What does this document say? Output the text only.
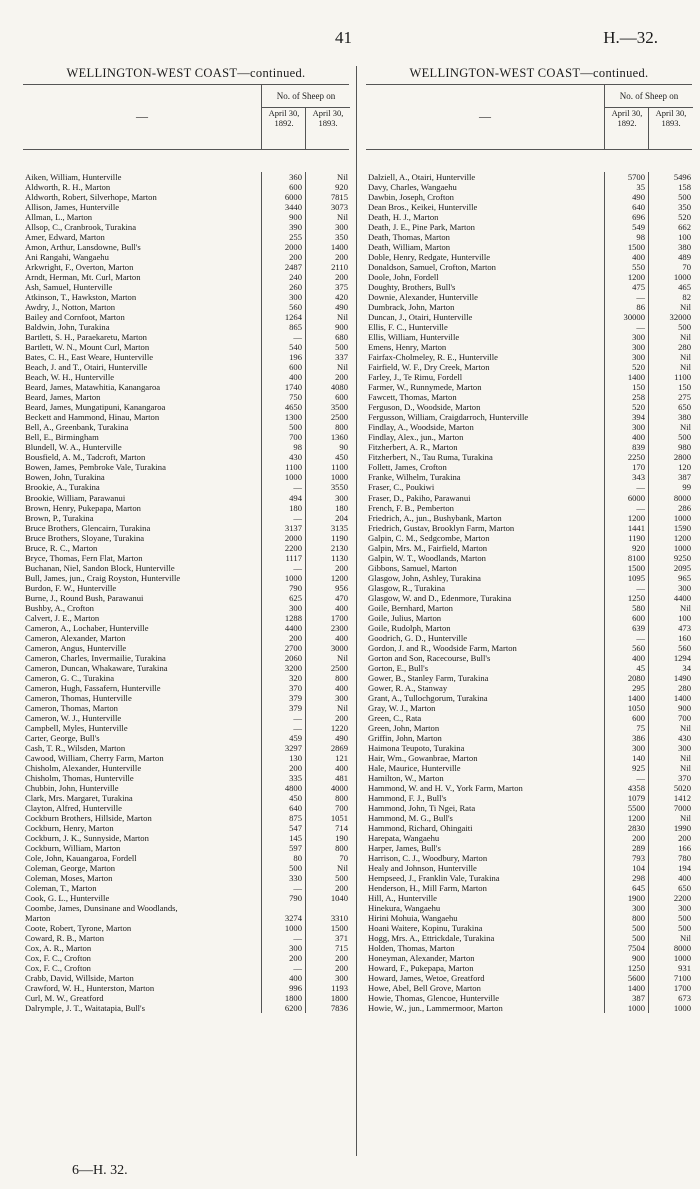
41	H.—32.
WELLINGTON-WEST COAST—continued.
—
No. of Sheep on
April 30, 1892.
April 30, 1893.
Aiken, William, Hunterville	360	Nil
Aldworth, R. H., Marton	600	920
Aldworth, Robert, Silverhope, Marton	6000	7815
Allison, James, Hunterville	3440	3073
Allman, L., Marton	900	Nil
Allsop, C., Cranbrook, Turakina	390	300
Amer, Edward, Marton	255	350
Amon, Arthur, Lansdowne, Bull's	2000	1400
Ani Rangahi, Wangaehu	200	200
Arkwright, F., Overton, Marton	2487	2110
Arndt, Herman, Mt. Curl, Marton	240	200
Ash, Samuel, Hunterville	260	375
Atkinson, T., Hawkston, Marton	300	420
Awdry, J., Notton, Marton	560	490
Bailey and Cornfoot, Marton	1264	Nil
Baldwin, John, Turakina	865	900
Bartlett, S. H., Paraekaretu, Marton	—	680
Bartlett, W. N., Mount Curl, Marton	540	500
Bates, C. H., East Weare, Hunterville	196	337
Beach, J. and T., Otairi, Hunterville	600	Nil
Beach, W. H., Hunterville	400	200
Beard, James, Matawhitia, Kanangaroa	1740	4080
Beard, James, Marton	750	600
Beard, James, Mungatipuni, Kanangaroa	4650	3500
Beckett and Hammond, Hinau, Marton	1300	2500
Bell, A., Greenbank, Turakina	500	800
Bell, E., Birmingham	700	1360
Blundell, W. A., Hunterville	98	90
Bousfield, A. M., Tadcroft, Marton	430	450
Bowen, James, Pembroke Vale, Turakina	1100	1100
Bowen, John, Turakina	1000	1000
Brookie, A., Turakina	—	3550
Brookie, William, Parawanui	494	300
Brown, Henry, Pukepapa, Marton	180	180
Brown, P., Turakina	—	204
Bruce Brothers, Glencairn, Turakina	3137	3135
Bruce Brothers, Sloyane, Turakina	2000	1190
Bruce, R. C., Marton	2200	2130
Bryce, Thomas, Fern Flat, Marton	1117	1130
Buchanan, Niel, Sandon Block, Hunterville	—	200
Bull, James, jun., Craig Royston, Hunterville	1000	1200
Burdon, F. W., Hunterville	790	956
Burne, J., Round Bush, Parawanui	625	470
Bushby, A., Crofton	300	400
Calvert, J. E., Marton	1288	1700
Cameron, A., Lochaber, Hunterville	4400	2300
Cameron, Alexander, Marton	200	400
Cameron, Angus, Hunterville	2700	3000
Cameron, Charles, Invermailie, Turakina	2060	Nil
Cameron, Duncan, Whakaware, Turakina	3200	2500
Cameron, G. C., Turakina	320	800
Cameron, Hugh, Fassafern, Hunterville	370	400
Cameron, Thomas, Hunterville	379	300
Cameron, Thomas, Marton	379	Nil
Cameron, W. J., Hunterville	—	200
Campbell, Myles, Hunterville	—	1220
Carter, George, Bull's	459	490
Cash, T. R., Wilsden, Marton	3297	2869
Cawood, William, Cherry Farm, Marton	130	121
Chisholm, Alexander, Hunterville	200	400
Chisholm, Thomas, Hunterville	335	481
Chubbin, John, Hunterville	4800	4000
Clark, Mrs. Margaret, Turakina	450	800
Clayton, Alfred, Hunterville	640	700
Cockburn Brothers, Hillside, Marton	875	1051
Cockburn, Henry, Marton	547	714
Cockburn, J. K., Sunnyside, Marton	145	190
Cockburn, William, Marton	597	800
Cole, John, Kauangaroa, Fordell	80	70
Coleman, George, Marton	500	Nil
Coleman, Moses, Marton	330	500
Coleman, T., Marton	—	200
Cook, G. L., Hunterville	790	1040
Coombe, James, Dunsinane and Woodlands,
Marton	3274	3310
Coote, Robert, Tyrone, Marton	1000	1500
Coward, R. B., Marton	—	371
Cox, A. R., Marton	300	715
Cox, F. C., Crofton	200	200
Cox, F. C., Crofton	—	200
Crabb, David, Willside, Marton	400	300
Crawford, W. H., Hunterston, Marton	996	1193
Curl, M. W., Greatford	1800	1800
Dalrymple, J. T., Waitatapia, Bull's	6200	7836
WELLINGTON-WEST COAST—continued.
—
No. of Sheep on
April 30, 1892.
April 30, 1893.
Dalziell, A., Otairi, Hunterville	5700	5496
Davy, Charles, Wangaehu	35	158
Dawbin, Joseph, Crofton	490	500
Dean Bros., Keikei, Hunterville	640	350
Death, H. J., Marton	696	520
Death, J. E., Pine Park, Marton	549	662
Death, Thomas, Marton	98	100
Death, William, Marton	1500	380
Doble, Henry, Redgate, Hunterville	400	489
Donaldson, Samuel, Crofton, Marton	550	70
Doole, John, Fordell	1200	1000
Doughty, Brothers, Bull's	475	465
Downie, Alexander, Hunterville	—	82
Dumbrack, John, Marton	86	Nil
Duncan, J., Otairi, Hunterville	30000	32000
Ellis, F. C., Hunterville	—	500
Ellis, William, Hunterville	300	Nil
Emens, Henry, Marton	300	280
Fairfax-Cholmeley, R. E., Hunterville	300	Nil
Fairfield, W. F., Dry Creek, Marton	520	Nil
Farley, J., Te Rimu, Fordell	1400	1100
Farmer, W., Runnymede, Marton	150	150
Fawcett, Thomas, Marton	258	275
Ferguson, D., Woodside, Marton	520	650
Fergusson, William, Craigdarroch, Hunterville	394	380
Findlay, A., Woodside, Marton	300	Nil
Findlay, Alex., jun., Marton	400	500
Fitzherbert, A. R., Marton	839	980
Fitzherbert, N., Tau Ruma, Turakina	2250	2800
Follett, James, Crofton	170	120
Franke, Wilhelm, Turakina	343	387
Fraser, C., Poukiwi	—	99
Fraser, D., Pakiho, Parawanui	6000	8000
French, F. B., Pemberton	—	286
Friedrich, A., jun., Bushybank, Marton	1200	1000
Friedrich, Gustav, Brooklyn Farm, Marton	1441	1590
Galpin, C. M., Sedgcombe, Marton	1190	1200
Galpin, Mrs. M., Fairfield, Marton	920	1000
Galpin, W. T., Woodlands, Marton	8100	9250
Gibbons, Samuel, Marton	1500	2095
Glasgow, John, Ashley, Turakina	1095	965
Glasgow, R., Turakina	—	300
Glasgow, W. and D., Edenmore, Turakina	1250	4400
Goile, Bernhard, Marton	580	Nil
Goile, Julius, Marton	600	100
Goile, Rudolph, Marton	639	473
Goodrich, G. D., Hunterville	—	160
Gordon, J. and R., Woodside Farm, Marton	560	560
Gorton and Son, Racecourse, Bull's	400	1294
Gorton, E., Bull's	45	34
Gower, B., Stanley Farm, Turakina	2080	1490
Gower, R. A., Stanway	295	280
Grant, A., Tullochgorum, Turakina	1400	1400
Gray, W. J., Marton	1050	900
Green, C., Rata	600	700
Green, John, Marton	75	Nil
Griffin, John, Marton	386	430
Haimona Teupoto, Turakina	300	300
Hair, Wm., Gowanbrae, Marton	140	Nil
Hale, Maurice, Hunterville	925	Nil
Hamilton, W., Marton	—	370
Hammond, W. and H. V., York Farm, Marton	4358	5020
Hammond, F. J., Bull's	1079	1412
Hammond, John, Ti Ngei, Rata	5500	7000
Hammond, M. G., Bull's	1200	Nil
Hammond, Richard, Ohingaiti	2830	1990
Harepata, Wangaehu	200	200
Harper, James, Bull's	289	166
Harrison, C. J., Woodbury, Marton	793	780
Healy and Johnson, Hunterville	104	194
Hempseed, J., Franklin Vale, Turakina	298	400
Henderson, H., Mill Farm, Marton	645	650
Hill, A., Hunterville	1900	2200
Hinekura, Wangaehu	300	300
Hirini Mohuia, Wangaehu	800	500
Hoani Waitere, Kopinu, Turakina	500	500
Hogg, Mrs. A., Ettrickdale, Turakina	500	Nil
Holden, Thomas, Marton	7504	8000
Honeyman, Alexander, Marton	900	1000
Howard, F., Pukepapa, Marton	1250	931
Howard, James, Wetoe, Greatford	5600	7100
Howe, Abel, Bell Grove, Marton	1400	1700
Howie, Thomas, Glencoe, Hunterville	387	673
Howie, W., jun., Lammermoor, Marton	1000	1000
6—H. 32.
